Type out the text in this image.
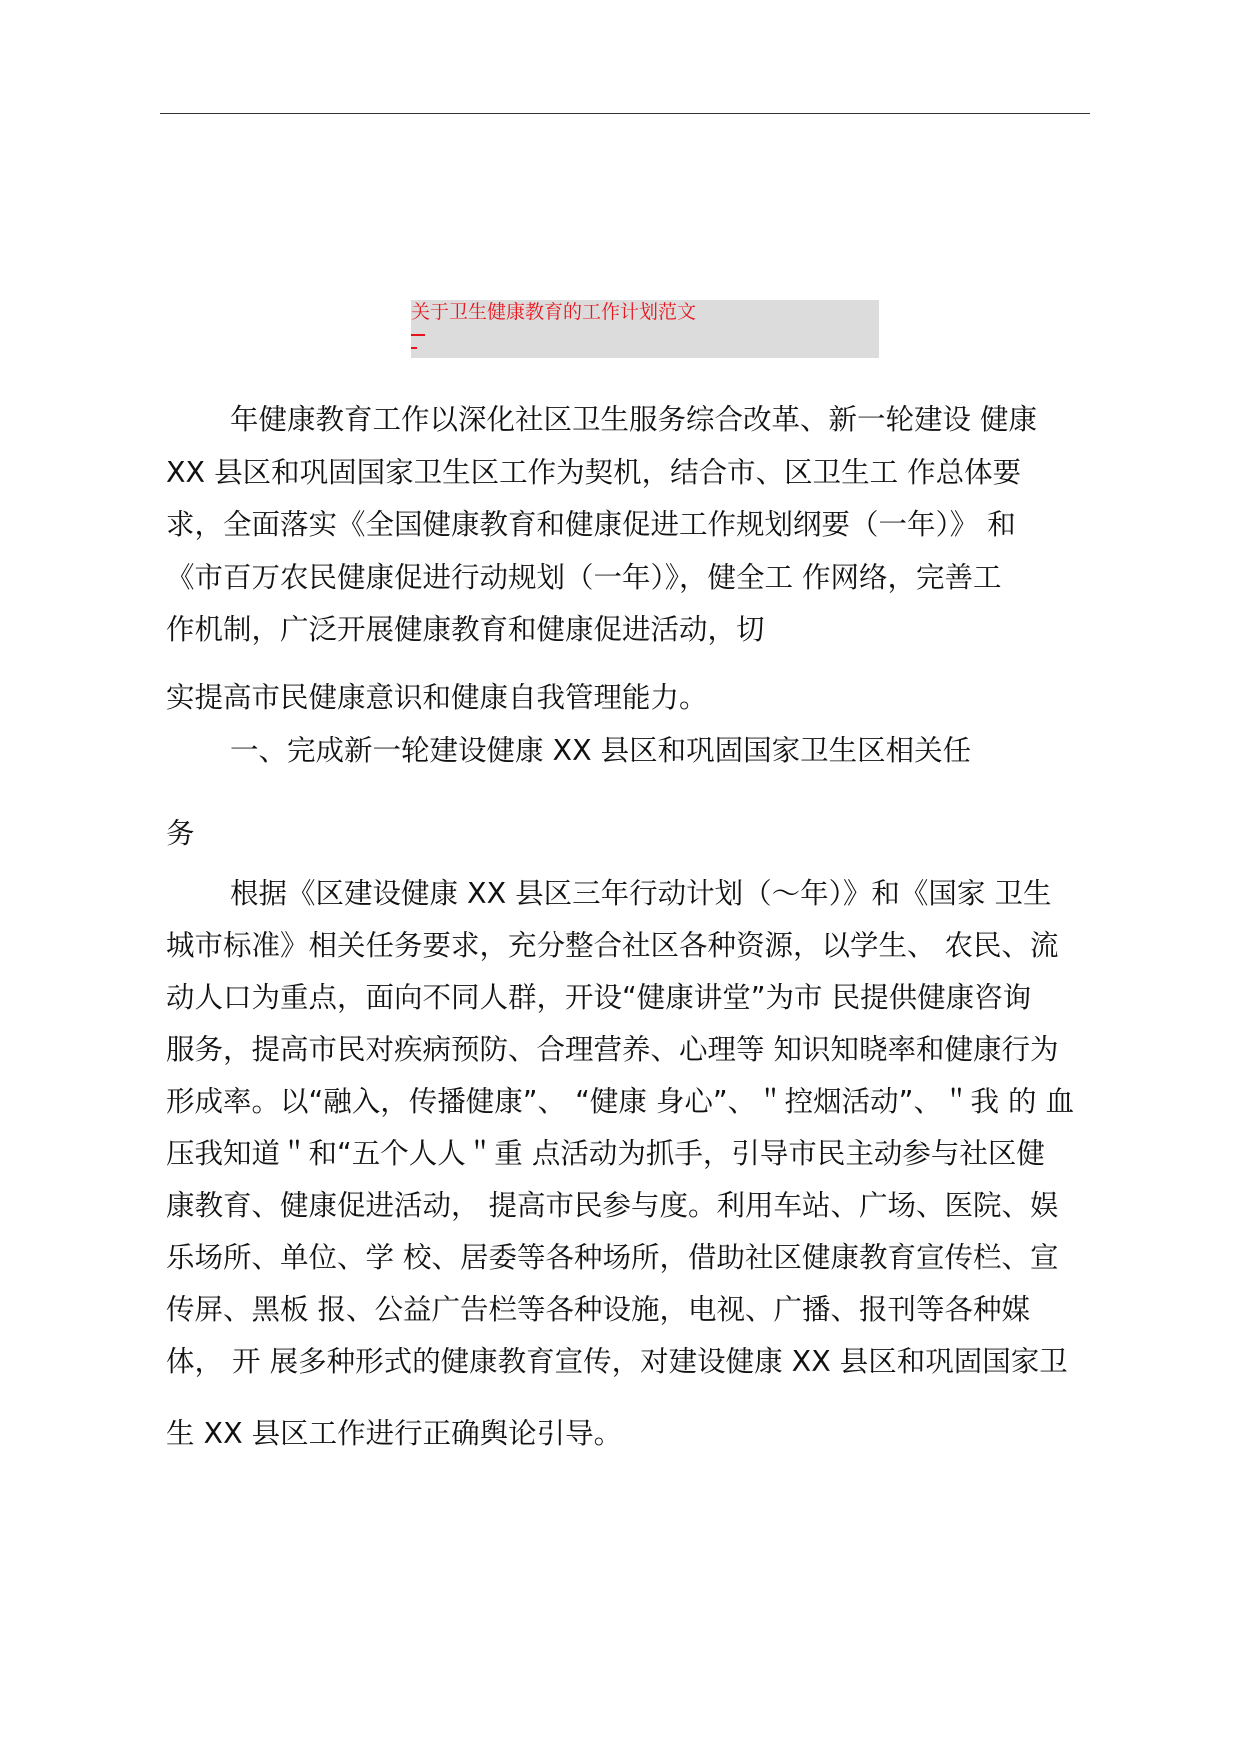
关于卫生健康教育的工作计划范文
年健康教育工作以深化社区卫生服务综合改革、新一轮建设 健康
XX 县区和巩固国家卫生区工作为契机，结合市、区卫生工 作总体要
求，全面落实《全国健康教育和健康促进工作规划纲要（一年）》 和
《市百万农民健康促进行动规划（一年）》，健全工 作网络，完善工
作机制，广泛开展健康教育和健康促进活动，切
实提高市民健康意识和健康自我管理能力。
一、完成新一轮建设健康 XX 县区和巩固国家卫生区相关任
务
根据《区建设健康 XX 县区三年行动计划（～年）》和《国家 卫生
城市标准》相关任务要求，充分整合社区各种资源，以学生、 农民、流
动人口为重点，面向不同人群，开设“健康讲堂”为市 民提供健康咨询
服务，提高市民对疾病预防、合理营养、心理等 知识知晓率和健康行为
形成率。以“融入，传播健康”、 “健康 身心”、＂控烟活动”、＂我 的 血
压我知道＂和“五个人人＂重 点活动为抓手，引导市民主动参与社区健
康教育、健康促进活动， 提高市民参与度。利用车站、广场、医院、娱
乐场所、单位、学 校、居委等各种场所，借助社区健康教育宣传栏、宣
传屏、黑板 报、公益广告栏等各种设施，电视、广播、报刊等各种媒
体， 开 展多种形式的健康教育宣传，对建设健康 XX 县区和巩固国家卫
生 XX 县区工作进行正确舆论引导。
